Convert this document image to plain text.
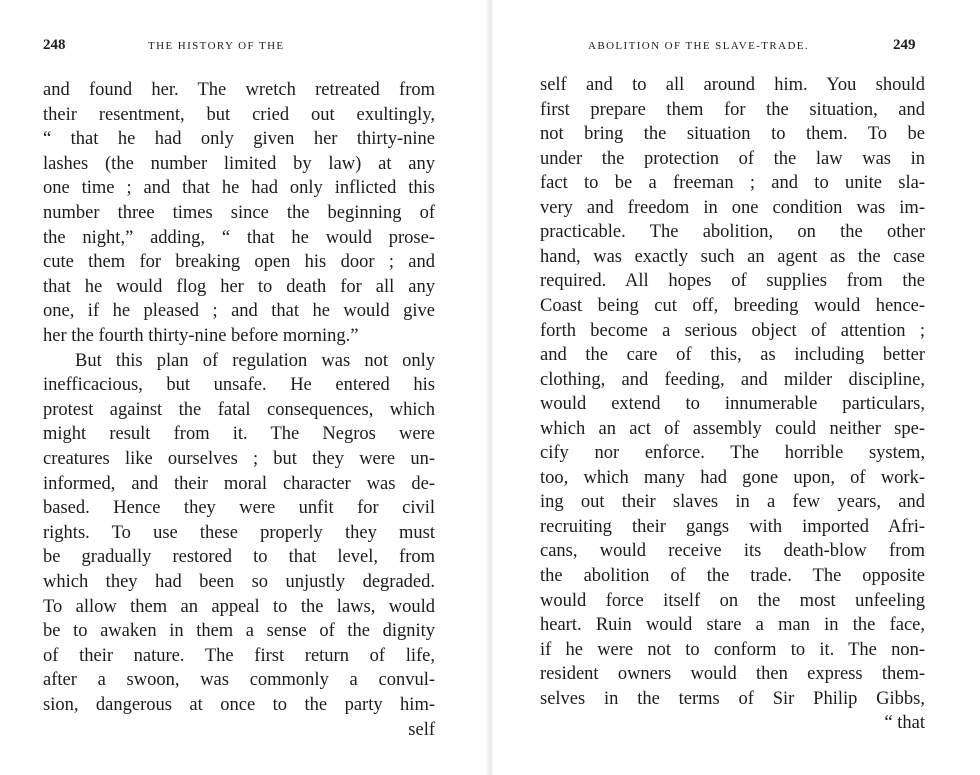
248	THE HISTORY OF THE
and found her. The wretch retreated from
their resentment, but cried out exultingly,
“ that he had only given her thirty-nine
lashes (the number limited by law) at any
one time ; and that he had only inflicted this
number three times since the beginning of
the night,” adding, “ that he would prose-
cute them for breaking open his door ; and
that he would flog her to death for all any
one, if he pleased ; and that he would give
her the fourth thirty-nine before morning.”
But this plan of regulation was not only
inefficacious, but unsafe. He entered his
protest against the fatal consequences, which
might result from it. The Negros were
creatures like ourselves ; but they were un-
informed, and their moral character was de-
based. Hence they were unfit for civil
rights. To use these properly they must
be gradually restored to that level, from
which they had been so unjustly degraded.
To allow them an appeal to the laws, would
be to awaken in them a sense of the dignity
of their nature. The first return of life,
after a swoon, was commonly a convul-
sion, dangerous at once to the party him-
self
ABOLITION OF THE SLAVE-TRADE.	249
self and to all around him. You should
first prepare them for the situation, and
not bring the situation to them. To be
under the protection of the law was in
fact to be a freeman ; and to unite sla-
very and freedom in one condition was im-
practicable. The abolition, on the other
hand, was exactly such an agent as the case
required. All hopes of supplies from the
Coast being cut off, breeding would hence-
forth become a serious object of attention ;
and the care of this, as including better
clothing, and feeding, and milder discipline,
would extend to innumerable particulars,
which an act of assembly could neither spe-
cify nor enforce. The horrible system,
too, which many had gone upon, of work-
ing out their slaves in a few years, and
recruiting their gangs with imported Afri-
cans, would receive its death-blow from
the abolition of the trade. The opposite
would force itself on the most unfeeling
heart. Ruin would stare a man in the face,
if he were not to conform to it. The non-
resident owners would then express them-
selves in the terms of Sir Philip Gibbs,
“ that
